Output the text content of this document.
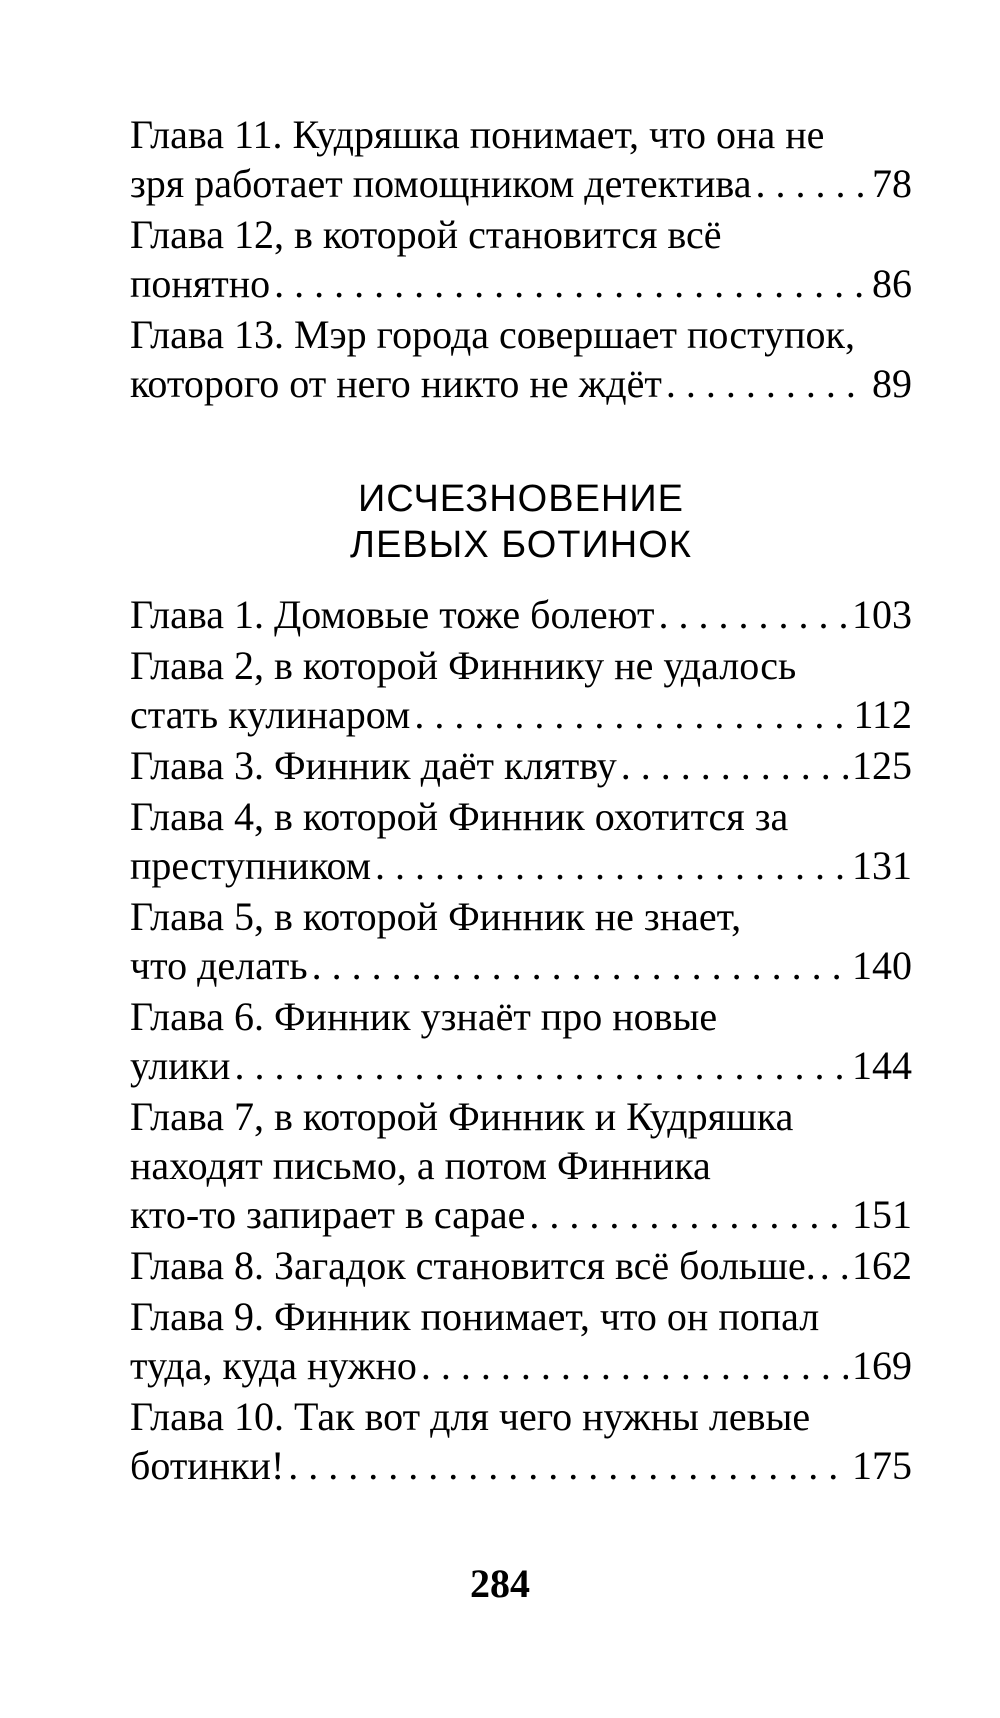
Глава 11. Кудряшка понимает, что она не
зря работает помощником детектива . . .	78
Глава 12, в которой становится всё
понятно . . .	86
Глава 13. Мэр города совершает поступок,
которого от него никто не ждёт . . .	89
ИСЧЕЗНОВЕНИЕ
ЛЕВЫХ БОТИНОК
Глава 1. Домовые тоже болеют . . .	103
Глава 2, в которой Финнику не удалось
стать кулинаром . . .	112
Глава 3. Финник даёт клятву . . .	125
Глава 4, в которой Финник охотится за
преступником . . .	131
Глава 5, в которой Финник не знает,
что делать . . .	140
Глава 6. Финник узнаёт про новые
улики . . .	144
Глава 7, в которой Финник и Кудряшка
находят письмо, а потом Финника
кто-то запирает в сарае . . .	151
Глава 8. Загадок становится всё больше. . . . 162
Глава 9. Финник понимает, что он попал
туда, куда нужно . . .	169
Глава 10. Так вот для чего нужны левые
ботинки! . . .	175
284
